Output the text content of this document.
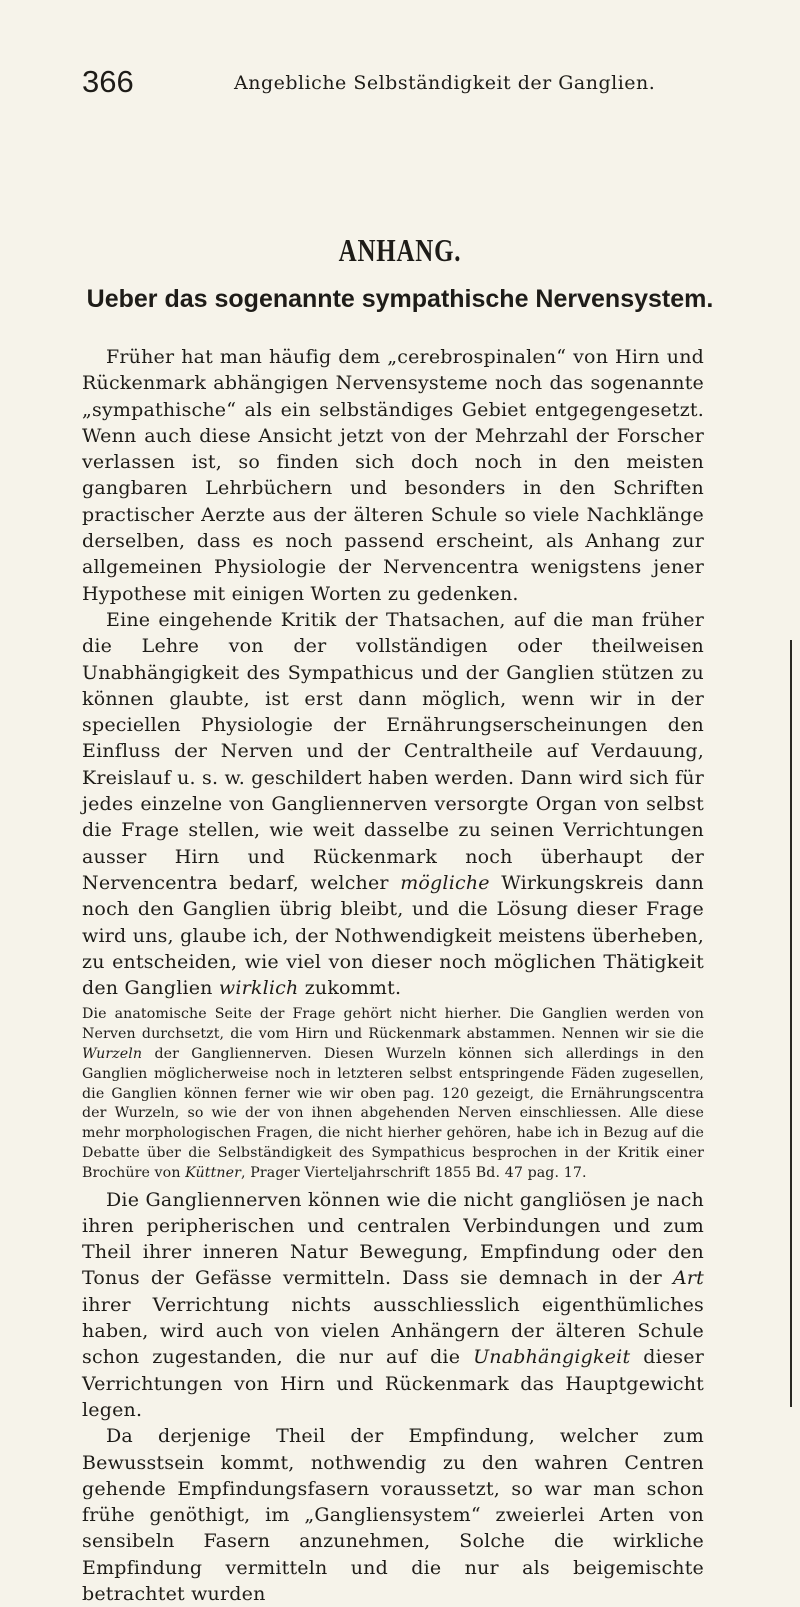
366	Angebliche Selbständigkeit der Ganglien.
ANHANG.
Ueber das sogenannte sympathische Nervensystem.

Früher hat man häufig dem „cerebrospinalen“ von Hirn und Rückenmark abhängigen Nervensysteme noch das sogenannte „sympathische“ als ein selbständiges Gebiet entgegengesetzt. Wenn auch diese Ansicht jetzt von der Mehrzahl der Forscher verlassen ist, so finden sich doch noch in den meisten gangbaren Lehrbüchern und besonders in den Schriften practischer Aerzte aus der älteren Schule so viele Nachklänge derselben, dass es noch passend erscheint, als Anhang zur allgemeinen Physiologie der Nervencentra wenigstens jener Hypothese mit einigen Worten zu gedenken.

Eine eingehende Kritik der Thatsachen, auf die man früher die Lehre von der vollständigen oder theilweisen Unabhängigkeit des Sympathicus und der Ganglien stützen zu können glaubte, ist erst dann möglich, wenn wir in der speciellen Physiologie der Ernährungserscheinungen den Einfluss der Nerven und der Centraltheile auf Verdauung, Kreislauf u. s. w. geschildert haben werden. Dann wird sich für jedes einzelne von Gangliennerven versorgte Organ von selbst die Frage stellen, wie weit dasselbe zu seinen Verrichtungen ausser Hirn und Rückenmark noch überhaupt der Nervencentra bedarf, welcher mögliche Wirkungskreis dann noch den Ganglien übrig bleibt, und die Lösung dieser Frage wird uns, glaube ich, der Nothwendigkeit meistens überheben, zu entscheiden, wie viel von dieser noch möglichen Thätigkeit den Ganglien wirklich zukommt.

Die anatomische Seite der Frage gehört nicht hierher. Die Ganglien werden von Nerven durchsetzt, die vom Hirn und Rückenmark abstammen. Nennen wir sie die Wurzeln der Gangliennerven. Diesen Wurzeln können sich allerdings in den Ganglien möglicherweise noch in letzteren selbst entspringende Fäden zugesellen, die Ganglien können ferner wie wir oben pag. 120 gezeigt, die Ernährungscentra der Wurzeln, so wie der von ihnen abgehenden Nerven einschliessen. Alle diese mehr morphologischen Fragen, die nicht hierher gehören, habe ich in Bezug auf die Debatte über die Selbständigkeit des Sympathicus besprochen in der Kritik einer Brochüre von Küttner, Prager Vierteljahrschrift 1855 Bd. 47 pag. 17.

Die Gangliennerven können wie die nicht gangliösen je nach ihren peripherischen und centralen Verbindungen und zum Theil ihrer inneren Natur Bewegung, Empfindung oder den Tonus der Gefässe vermitteln. Dass sie demnach in der Art ihrer Verrichtung nichts ausschliesslich eigenthümliches haben, wird auch von vielen Anhängern der älteren Schule schon zugestanden, die nur auf die Unabhängigkeit dieser Verrichtungen von Hirn und Rückenmark das Hauptgewicht legen.

Da derjenige Theil der Empfindung, welcher zum Bewusstsein kommt, nothwendig zu den wahren Centren gehende Empfindungsfasern voraussetzt, so war man schon frühe genöthigt, im „Gangliensystem“ zweierlei Arten von sensibeln Fasern anzunehmen, Solche die wirkliche Empfindung vermitteln und die nur als beigemischte betrachtet wurden
